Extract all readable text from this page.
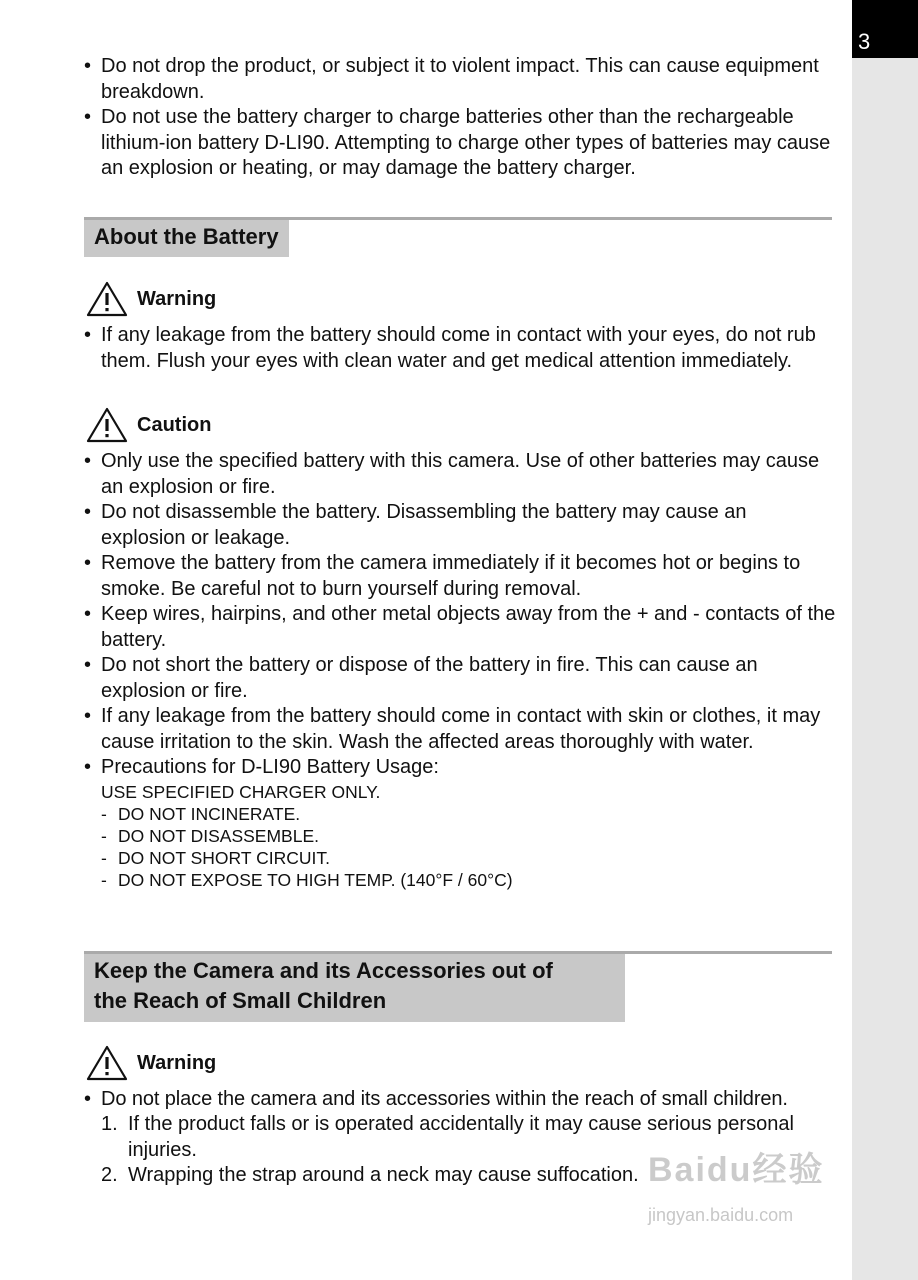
3
• Do not drop the product, or subject it to violent impact. This can cause equipment breakdown.
• Do not use the battery charger to charge batteries other than the rechargeable lithium-ion battery D-LI90. Attempting to charge other types of batteries may cause an explosion or heating, or may damage the battery charger.
About the Battery
Warning
• If any leakage from the battery should come in contact with your eyes, do not rub them. Flush your eyes with clean water and get medical attention immediately.
Caution
• Only use the specified battery with this camera. Use of other batteries may cause an explosion or fire.
• Do not disassemble the battery. Disassembling the battery may cause an explosion or leakage.
• Remove the battery from the camera immediately if it becomes hot or begins to smoke. Be careful not to burn yourself during removal.
• Keep wires, hairpins, and other metal objects away from the + and - contacts of the battery.
• Do not short the battery or dispose of the battery in fire. This can cause an explosion or fire.
• If any leakage from the battery should come in contact with skin or clothes, it may cause irritation to the skin. Wash the affected areas thoroughly with water.
• Precautions for D-LI90 Battery Usage:
USE SPECIFIED CHARGER ONLY.
- DO NOT INCINERATE.
- DO NOT DISASSEMBLE.
- DO NOT SHORT CIRCUIT.
- DO NOT EXPOSE TO HIGH TEMP. (140°F / 60°C)
Keep the Camera and its Accessories out of
the Reach of Small Children
Warning
• Do not place the camera and its accessories within the reach of small children.
1. If the product falls or is operated accidentally it may cause serious personal injuries.
2. Wrapping the strap around a neck may cause suffocation. Baidu经验
jingyan.baidu.com
